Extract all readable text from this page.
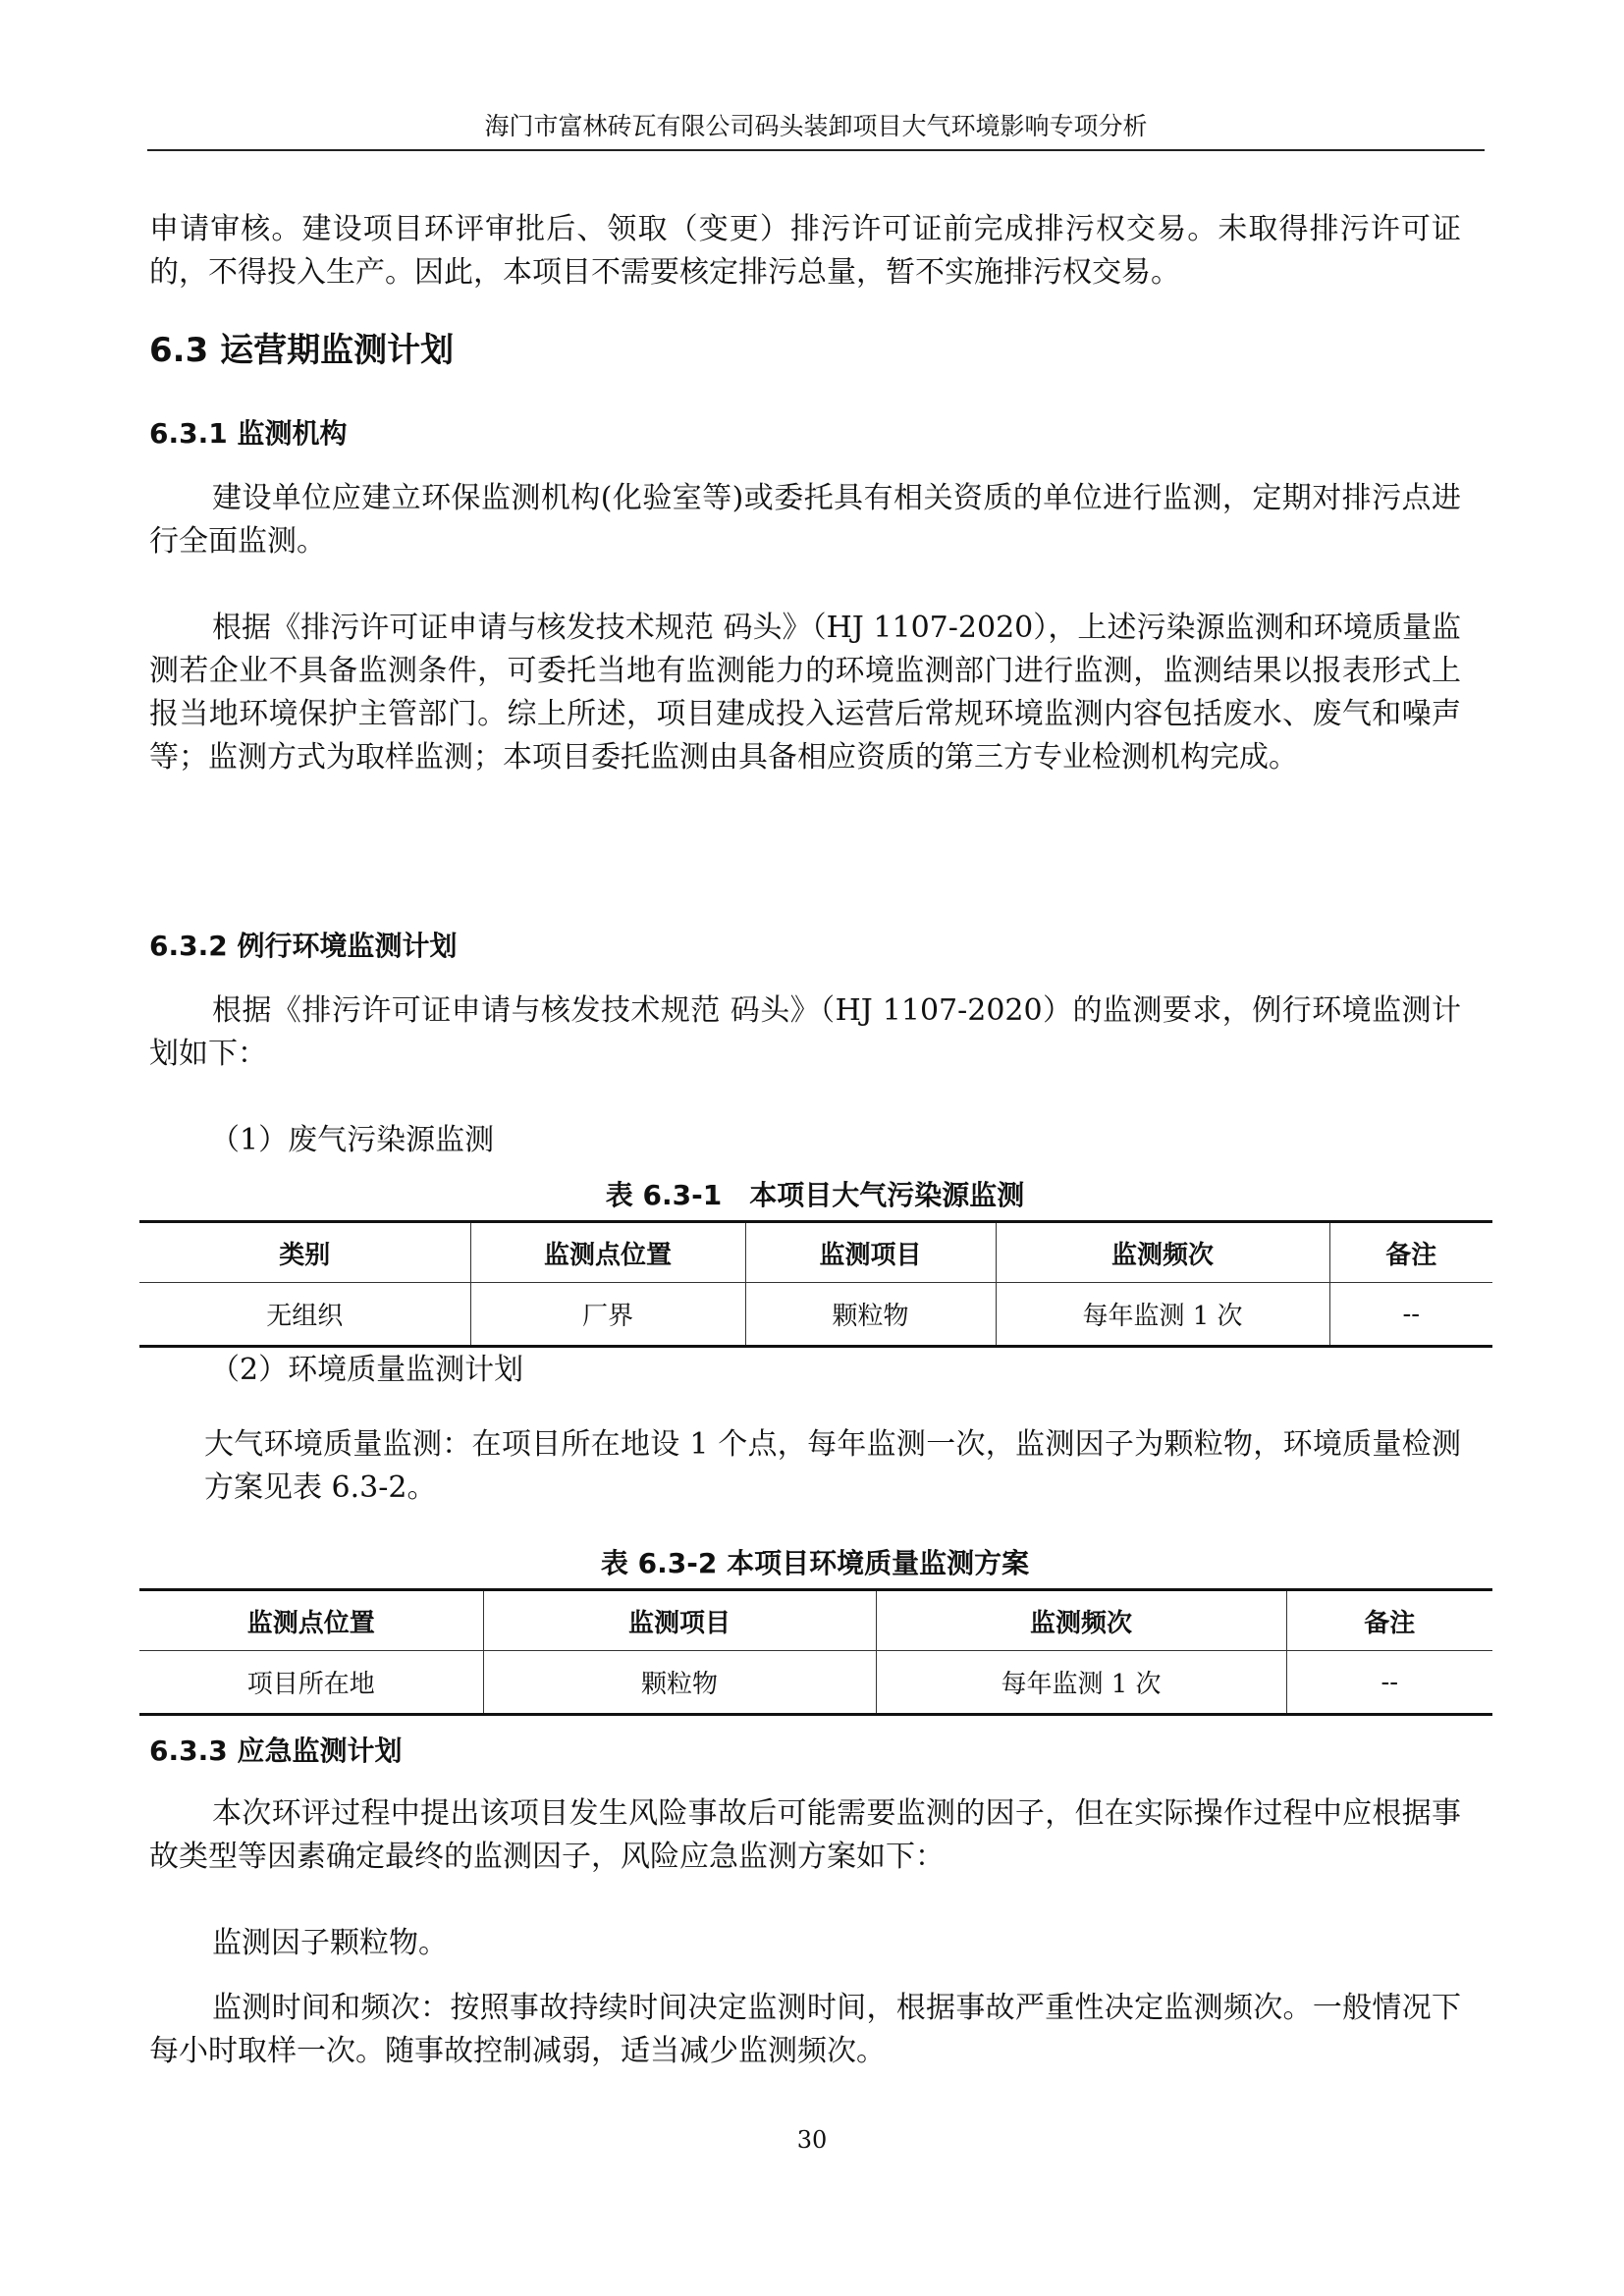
海门市富林砖瓦有限公司码头装卸项目大气环境影响专项分析

申请审核。建设项目环评审批后、领取（变更）排污许可证前完成排污权交易。未取得排污许可证的，不得投入生产。因此，本项目不需要核定排污总量，暂不实施排污权交易。

6.3 运营期监测计划
6.3.1 监测机构

建设单位应建立环保监测机构(化验室等)或委托具有相关资质的单位进行监测，定期对排污点进行全面监测。

根据《排污许可证申请与核发技术规范 码头》（HJ 1107-2020），上述污染源监测和环境质量监测若企业不具备监测条件，可委托当地有监测能力的环境监测部门进行监测，监测结果以报表形式上报当地环境保护主管部门。综上所述，项目建成投入运营后常规环境监测内容包括废水、废气和噪声等；监测方式为取样监测；本项目委托监测由具备相应资质的第三方专业检测机构完成。

6.3.2 例行环境监测计划

根据《排污许可证申请与核发技术规范 码头》（HJ 1107-2020）的监测要求，例行环境监测计划如下：

（1）废气污染源监测

表 6.3-1　本项目大气污染源监测
类别	监测点位置	监测项目	监测频次	备注
无组织	厂界	颗粒物	每年监测 1 次	--

（2）环境质量监测计划

大气环境质量监测：在项目所在地设 1 个点，每年监测一次，监测因子为颗粒物，环境质量检测方案见表 6.3-2。

表 6.3-2 本项目环境质量监测方案
监测点位置	监测项目	监测频次	备注
项目所在地	颗粒物	每年监测 1 次	--
6.3.3 应急监测计划

本次环评过程中提出该项目发生风险事故后可能需要监测的因子，但在实际操作过程中应根据事故类型等因素确定最终的监测因子，风险应急监测方案如下：

监测因子颗粒物。

监测时间和频次：按照事故持续时间决定监测时间，根据事故严重性决定监测频次。一般情况下每小时取样一次。随事故控制减弱，适当减少监测频次。

30
